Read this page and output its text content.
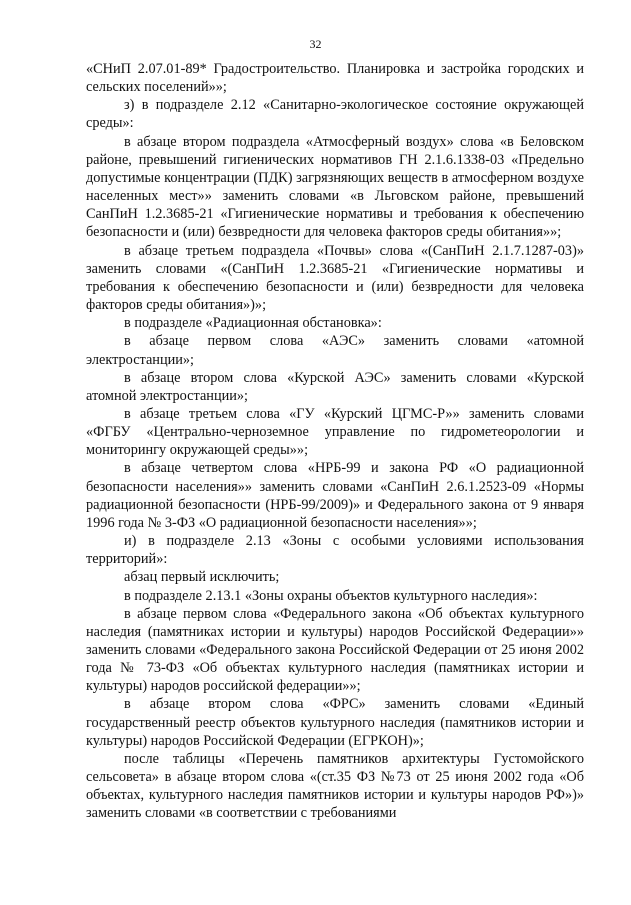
32

«СНиП 2.07.01-89* Градостроительство. Планировка и застройка городских и сельских поселений»»;

з) в подразделе 2.12 «Санитарно-экологическое состояние окружающей среды»:

в абзаце втором подраздела «Атмосферный воздух» слова «в Беловском районе, превышений гигиенических нормативов ГН 2.1.6.1338-03 «Предельно допустимые концентрации (ПДК) загрязняющих веществ в атмосферном воздухе населенных мест»» заменить словами «в Льговском районе, превышений СанПиН 1.2.3685-21 «Гигиенические нормативы и требования к обеспечению безопасности и (или) безвредности для человека факторов среды обитания»»;

в абзаце третьем подраздела «Почвы» слова «(СанПиН 2.1.7.1287-03)» заменить словами «(СанПиН 1.2.3685-21 «Гигиенические нормативы и требования к обеспечению безопасности и (или) безвредности для человека факторов среды обитания»)»;

в подразделе «Радиационная обстановка»:

в абзаце первом слова «АЭС» заменить словами «атомной электростанции»;

в абзаце втором слова «Курской АЭС» заменить словами «Курской атомной электростанции»;

в абзаце третьем слова «ГУ «Курский ЦГМС-Р»» заменить словами «ФГБУ «Центрально-черноземное управление по гидрометеорологии и мониторингу окружающей среды»»;

в абзаце четвертом слова «НРБ-99 и закона РФ «О радиационной безопасности населения»» заменить словами «СанПиН 2.6.1.2523-09 «Нормы радиационной безопасности (НРБ-99/2009)» и Федерального закона от 9 января 1996 года № 3-ФЗ «О радиационной безопасности населения»»;

и) в подразделе 2.13 «Зоны с особыми условиями использования территорий»:

абзац первый исключить;

в подразделе 2.13.1 «Зоны охраны объектов культурного наследия»:

в абзаце первом слова «Федерального закона «Об объектах культурного наследия (памятниках истории и культуры) народов Российской Федерации»» заменить словами «Федерального закона Российской Федерации от 25 июня 2002 года № 73-ФЗ «Об объектах культурного наследия (памятниках истории и культуры) народов российской федерации»»;

в абзаце втором слова «ФРС» заменить словами «Единый государственный реестр объектов культурного наследия (памятников истории и культуры) народов Российской Федерации (ЕГРКОН)»;

после таблицы «Перечень памятников архитектуры Густомойского сельсовета» в абзаце втором слова «(ст.35 ФЗ №73 от 25 июня 2002 года «Об объектах, культурного наследия памятников истории и культуры народов РФ»)» заменить словами «в соответствии с требованиями
